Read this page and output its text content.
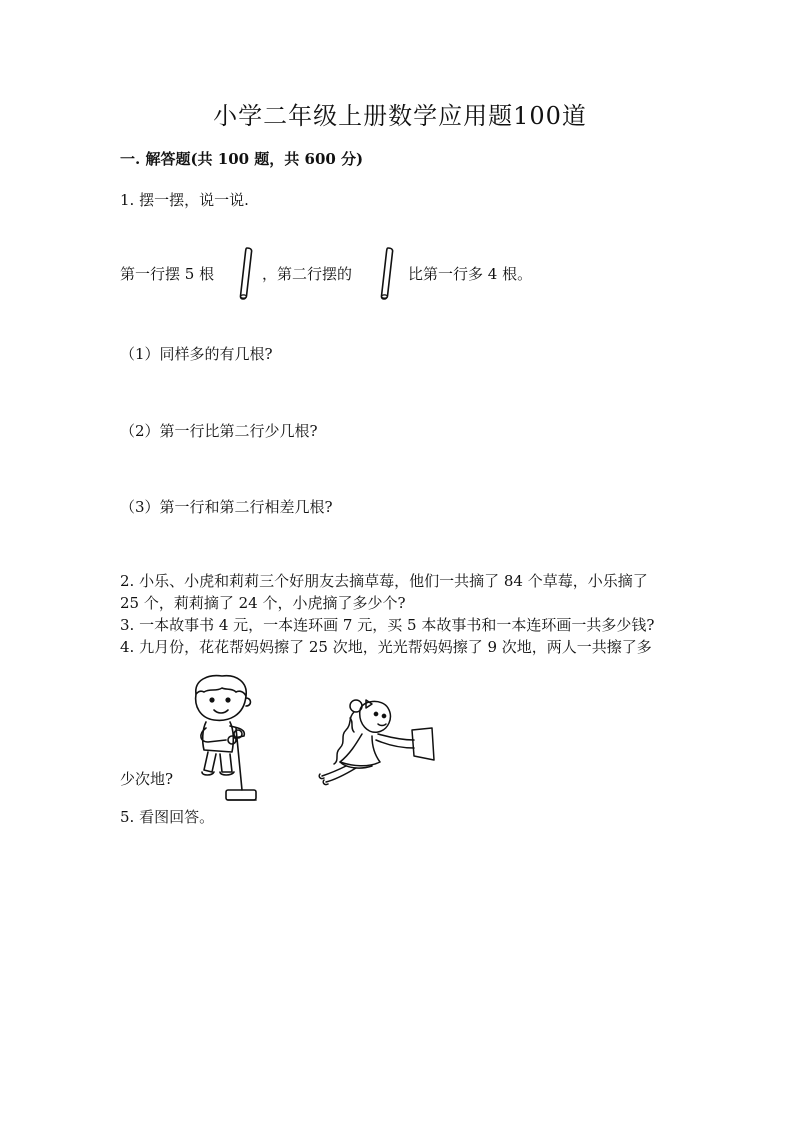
小学二年级上册数学应用题100道
一. 解答题(共 100 题，共 600 分)
1. 摆一摆，说一说.
第一行摆 5 根	，第二行摆的	比第一行多 4 根。
（1）同样多的有几根?
（2）第一行比第二行少几根?
（3）第一行和第二行相差几根?
2. 小乐、小虎和莉莉三个好朋友去摘草莓，他们一共摘了 84 个草莓，小乐摘了
25 个，莉莉摘了 24 个，小虎摘了多少个?
3. 一本故事书 4 元，一本连环画 7 元，买 5 本故事书和一本连环画一共多少钱?
4. 九月份，花花帮妈妈擦了 25 次地，光光帮妈妈擦了 9 次地，两人一共擦了多
少次地?
5. 看图回答。
